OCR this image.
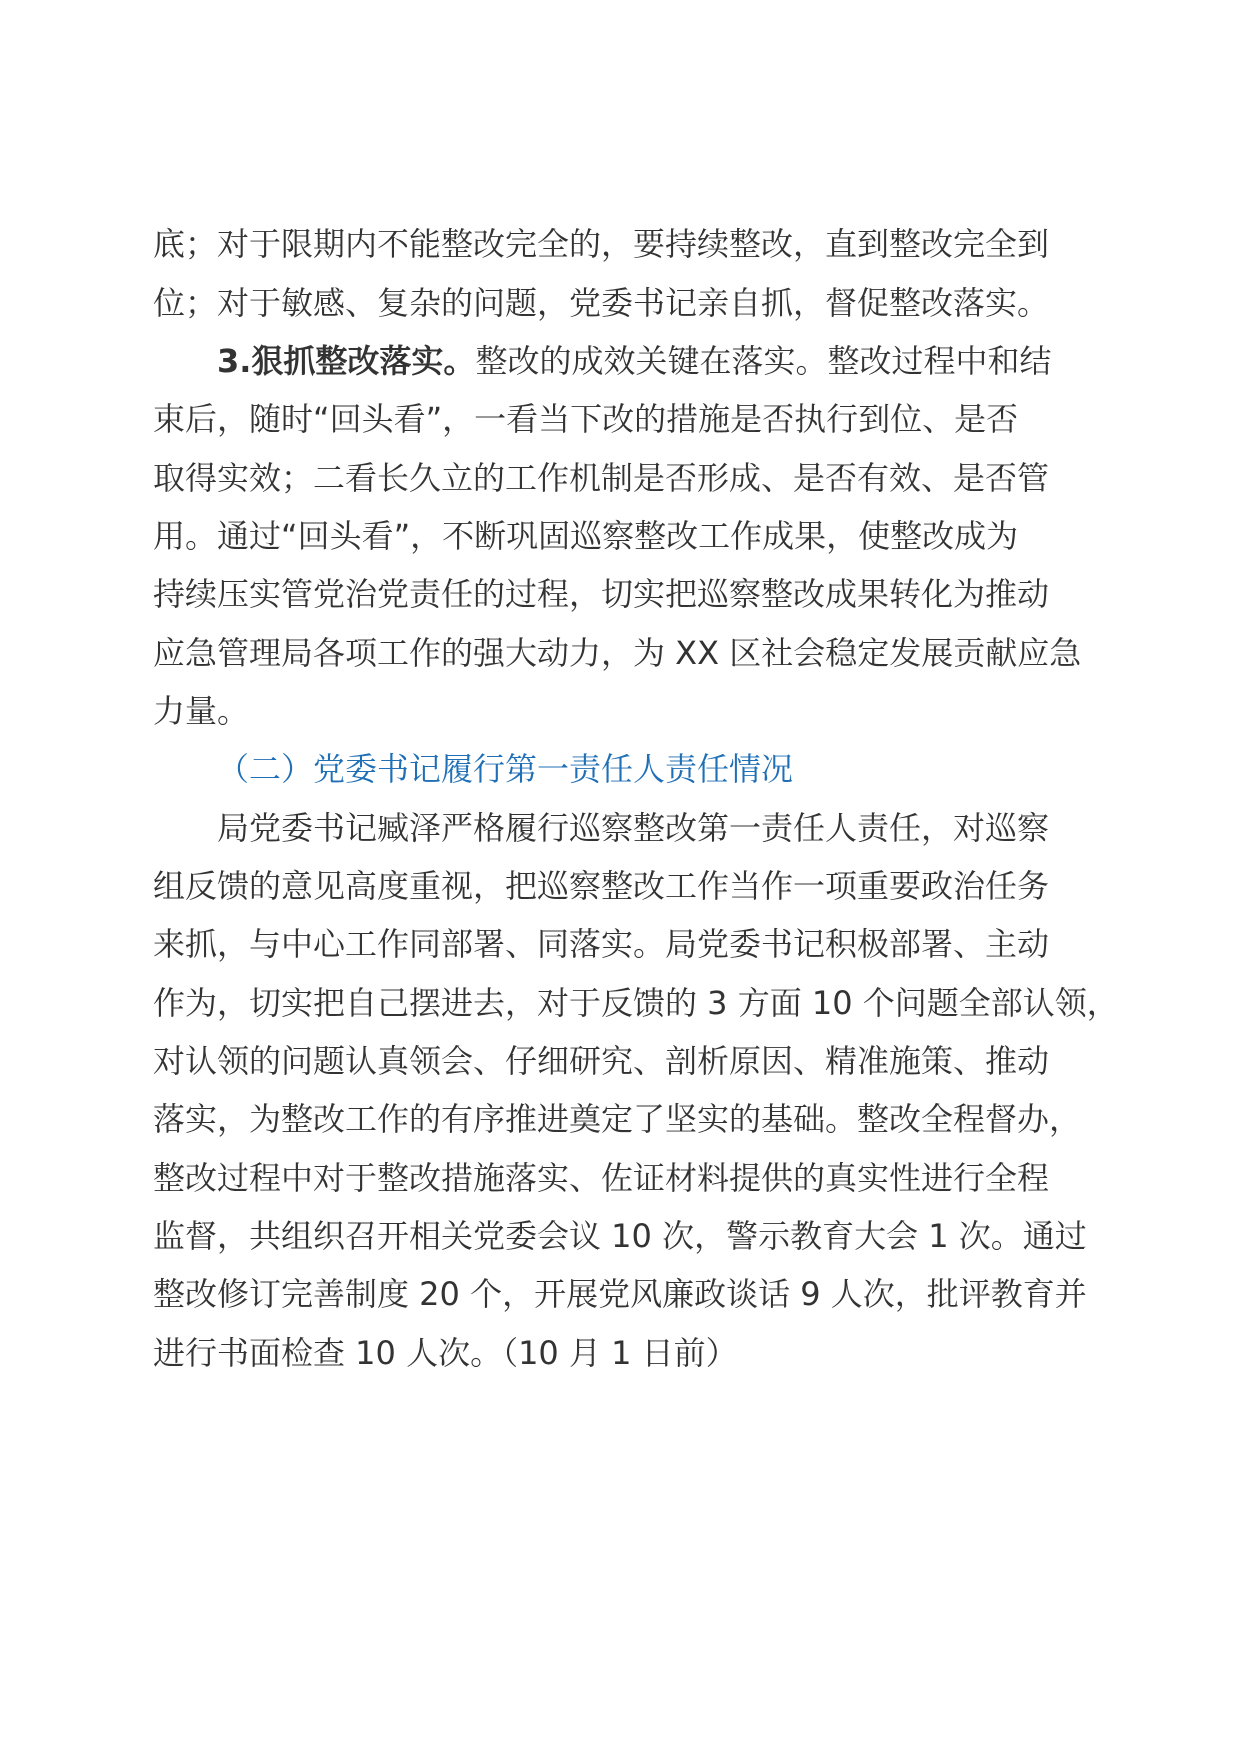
底；对于限期内不能整改完全的，要持续整改，直到整改完全到
位；对于敏感、复杂的问题，党委书记亲自抓，督促整改落实。
3.狠抓整改落实。整改的成效关键在落实。整改过程中和结
束后，随时“回头看”，一看当下改的措施是否执行到位、是否
取得实效；二看长久立的工作机制是否形成、是否有效、是否管
用。通过“回头看”，不断巩固巡察整改工作成果，使整改成为
持续压实管党治党责任的过程，切实把巡察整改成果转化为推动
应急管理局各项工作的强大动力，为 XX 区社会稳定发展贡献应急
力量。
（二）党委书记履行第一责任人责任情况
局党委书记臧泽严格履行巡察整改第一责任人责任，对巡察
组反馈的意见高度重视，把巡察整改工作当作一项重要政治任务
来抓，与中心工作同部署、同落实。局党委书记积极部署、主动
作为，切实把自己摆进去，对于反馈的 3 方面 10 个问题全部认领，
对认领的问题认真领会、仔细研究、剖析原因、精准施策、推动
落实，为整改工作的有序推进奠定了坚实的基础。整改全程督办，
整改过程中对于整改措施落实、佐证材料提供的真实性进行全程
监督，共组织召开相关党委会议 10 次，警示教育大会 1 次。通过
整改修订完善制度 20 个，开展党风廉政谈话 9 人次，批评教育并
进行书面检查 10 人次。（10 月 1 日前）
